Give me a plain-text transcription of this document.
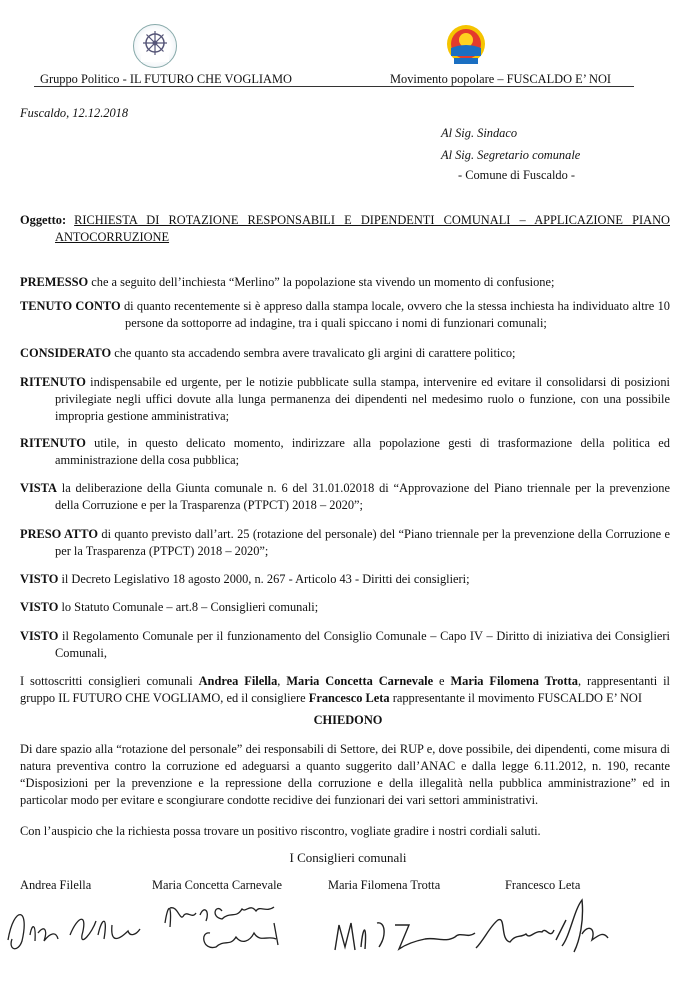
Gruppo Politico - IL FUTURO CHE VOGLIAMO	Movimento popolare – FUSCALDO E’ NOI
Fuscaldo, 12.12.2018
Al Sig. Sindaco
Al Sig. Segretario comunale
- Comune di Fuscaldo -
Oggetto: RICHIESTA DI ROTAZIONE RESPONSABILI E DIPENDENTI COMUNALI – APPLICAZIONE PIANO
ANTOCORRUZIONE
PREMESSO che a seguito dell’inchiesta “Merlino” la popolazione sta vivendo un momento di confusione;
TENUTO CONTO di quanto recentemente si è appreso dalla stampa locale, ovvero che la stessa inchiesta ha individuato altre 10
persone da sottoporre ad indagine, tra i quali spiccano i nomi di funzionari comunali;
CONSIDERATO che quanto sta accadendo sembra avere travalicato gli argini di carattere politico;
RITENUTO indispensabile ed urgente, per le notizie pubblicate sulla stampa, intervenire ed evitare il consolidarsi di posizioni
privilegiate negli uffici dovute alla lunga permanenza dei dipendenti nel medesimo ruolo o funzione, con una possibile
impropria gestione amministrativa;
RITENUTO utile, in questo delicato momento, indirizzare alla popolazione gesti di trasformazione della politica ed
amministrazione della cosa pubblica;
VISTA la deliberazione della Giunta comunale n. 6 del 31.01.02018 di “Approvazione del Piano triennale per la prevenzione
della Corruzione e per la Trasparenza (PTPCT) 2018 – 2020”;
PRESO ATTO di quanto previsto dall’art. 25 (rotazione del personale) del “Piano triennale per la prevenzione della Corruzione e
per la Trasparenza (PTPCT) 2018 – 2020”;
VISTO il Decreto Legislativo 18 agosto 2000, n. 267 - Articolo 43 - Diritti dei consiglieri;
VISTO lo Statuto Comunale – art.8 – Consiglieri comunali;
VISTO il Regolamento Comunale per il funzionamento del Consiglio Comunale – Capo IV – Diritto di iniziativa dei Consiglieri
Comunali,
I sottoscritti consiglieri comunali Andrea Filella, Maria Concetta Carnevale e Maria Filomena Trotta, rappresentanti il
gruppo IL FUTURO CHE VOGLIAMO, ed il consigliere Francesco Leta rappresentante il movimento FUSCALDO E’ NOI
CHIEDONO
Di dare spazio alla “rotazione del personale” dei responsabili di Settore, dei RUP e, dove possibile, dei dipendenti, come misura di
natura preventiva contro la corruzione ed adeguarsi a quanto suggerito dall’ANAC e dalla legge 6.11.2012, n. 190, recante
“Disposizioni per la prevenzione e la repressione della corruzione e della illegalità nella pubblica amministrazione” ed in
particolar modo per evitare e scongiurare condotte recidive dei funzionari dei vari settori amministrativi.
Con l’auspicio che la richiesta possa trovare un positivo riscontro, vogliate gradire i nostri cordiali saluti.
I Consiglieri comunali
Andrea Filella	Maria Concetta Carnevale	Maria Filomena Trotta	Francesco Leta
